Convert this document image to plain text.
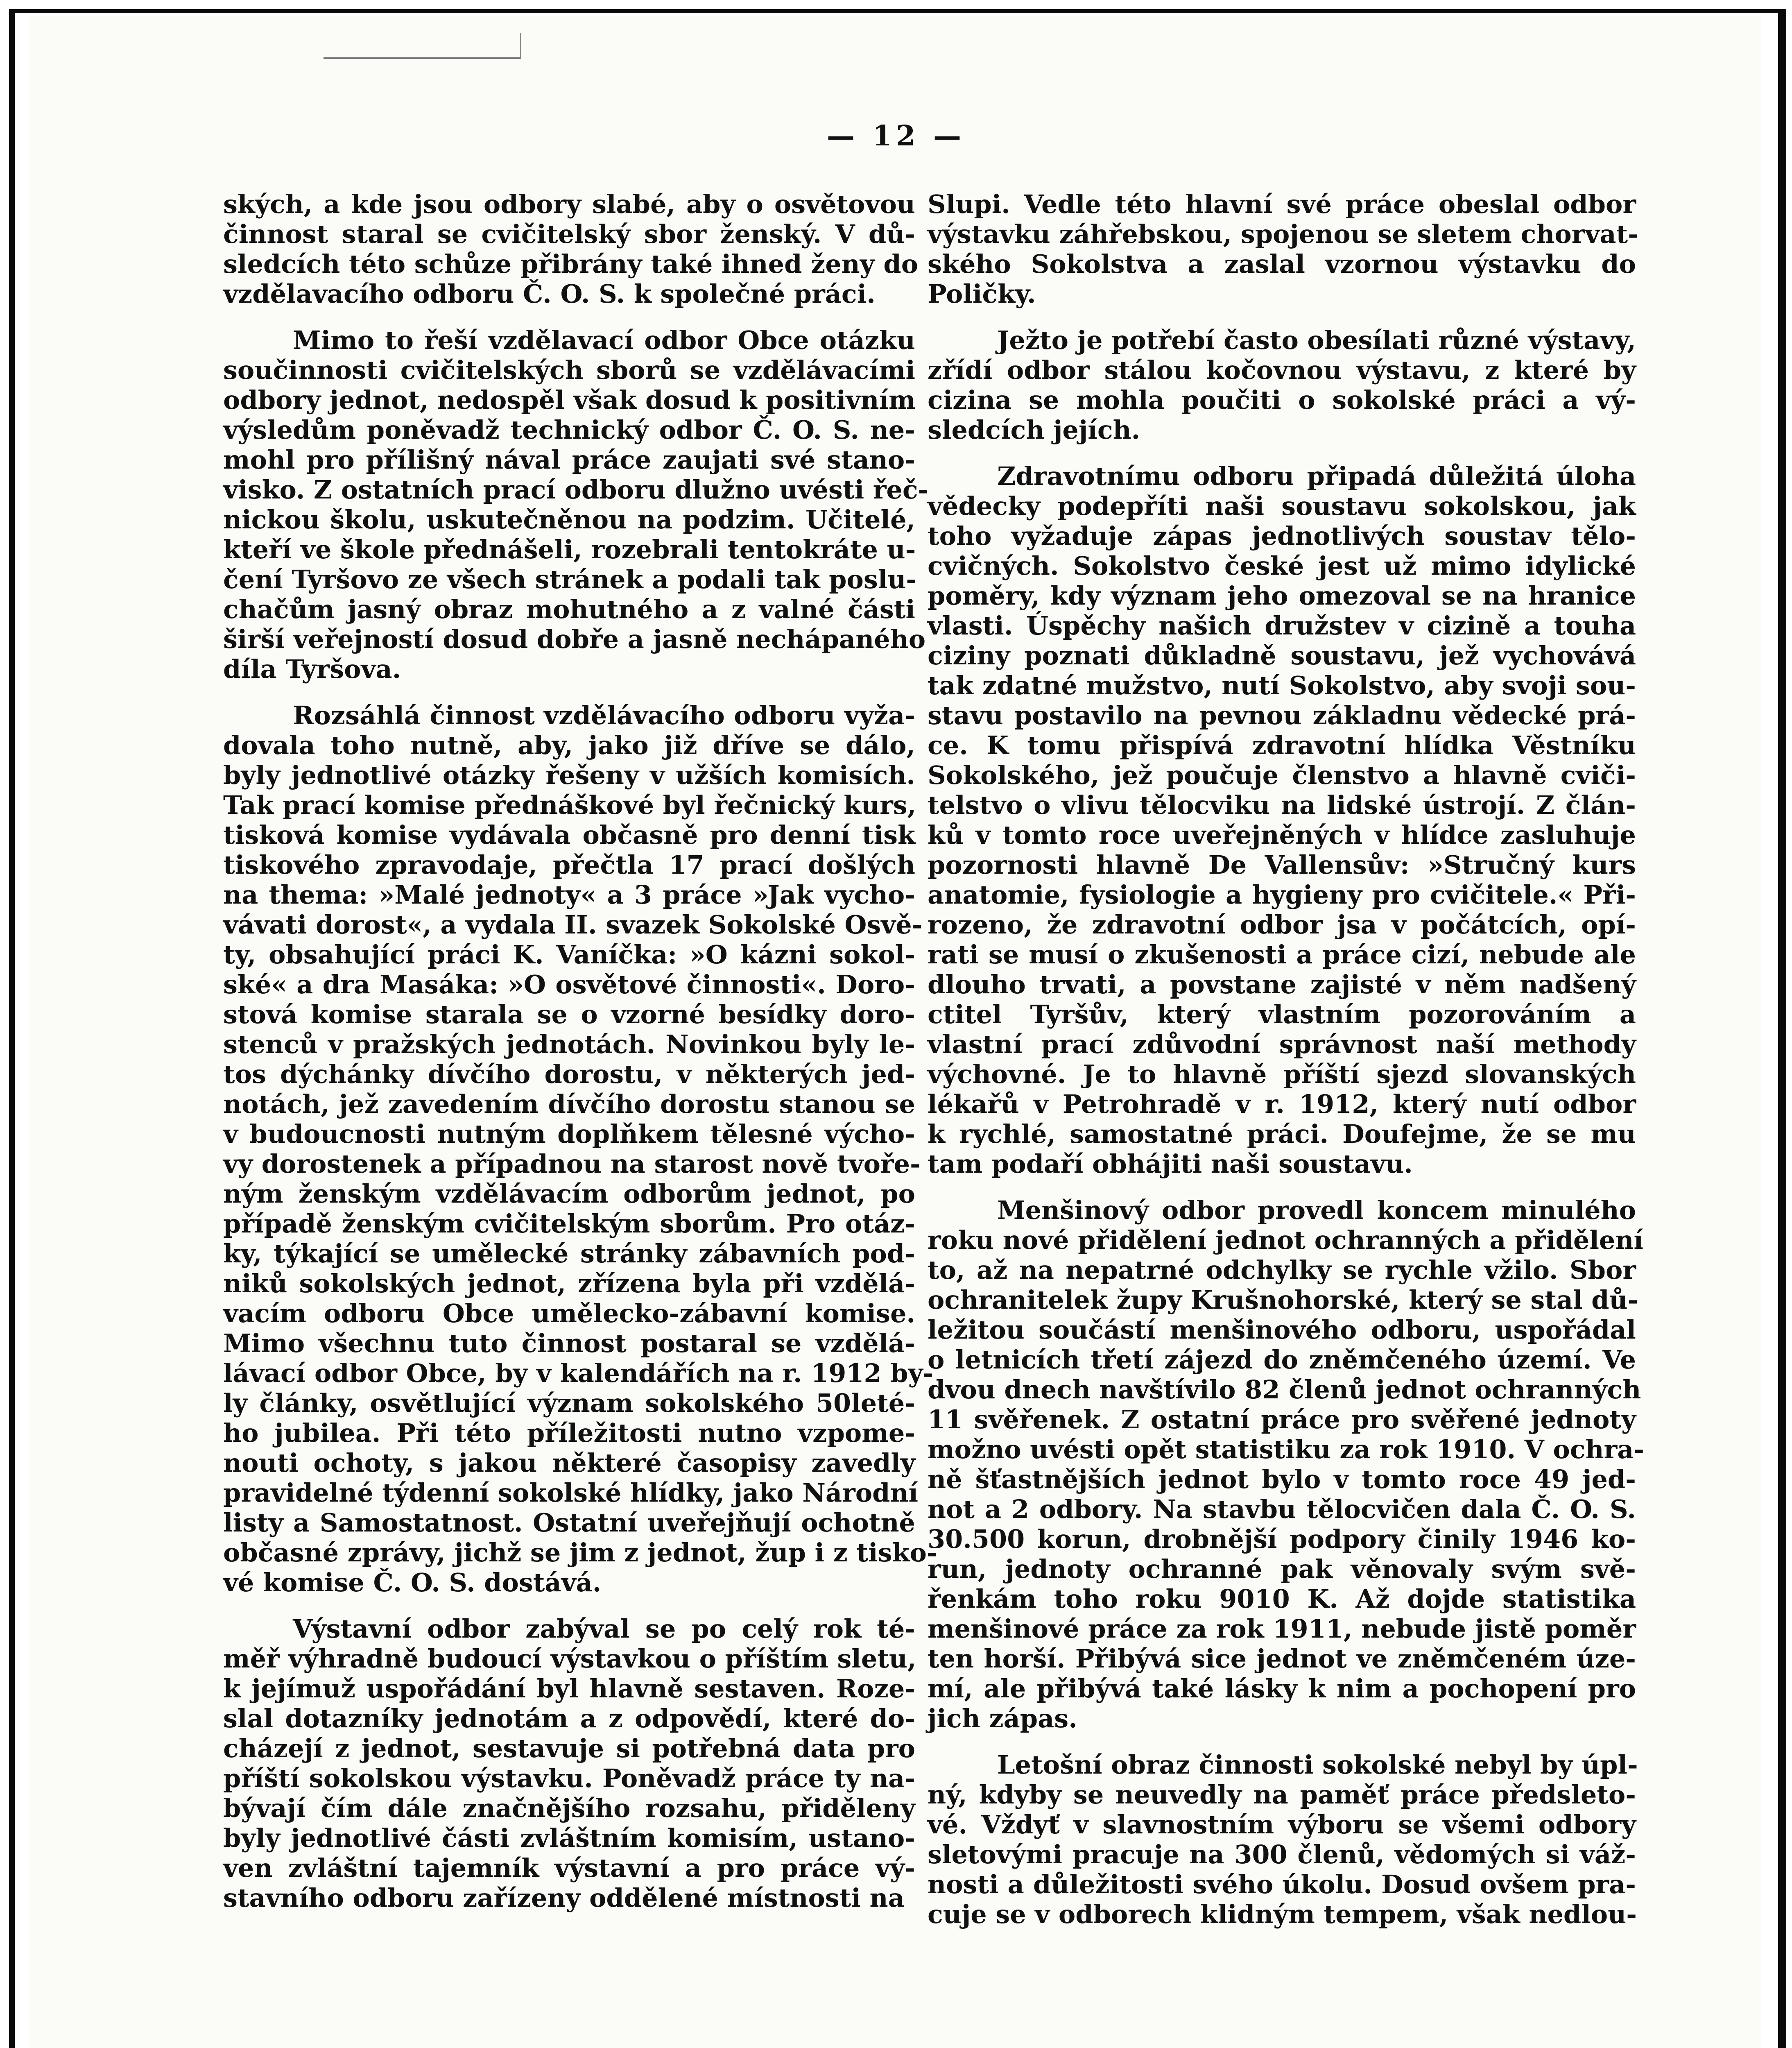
— 12 —
ských, a kde jsou odbory slabé, aby o osvětovou
činnost staral se cvičitelský sbor ženský. V dů-
sledcích této schůze přibrány také ihned ženy do
vzdělavacího odboru Č. O. S. k společné práci.
Mimo to řeší vzdělavací odbor Obce otázku
součinnosti cvičitelských sborů se vzdělávacími
odbory jednot, nedospěl však dosud k positivním
výsledům poněvadž technický odbor Č. O. S. ne-
mohl pro přílišný nával práce zaujati své stano-
visko. Z ostatních prací odboru dlužno uvésti řeč-
nickou školu, uskutečněnou na podzim. Učitelé,
kteří ve škole přednášeli, rozebrali tentokráte u-
čení Tyršovo ze všech stránek a podali tak poslu-
chačům jasný obraz mohutného a z valné části
širší veřejností dosud dobře a jasně nechápaného
díla Tyršova.
Rozsáhlá činnost vzdělávacího odboru vyža-
dovala toho nutně, aby, jako již dříve se dálo,
byly jednotlivé otázky řešeny v užších komisích.
Tak prací komise přednáškové byl řečnický kurs,
tisková komise vydávala občasně pro denní tisk
tiskového zpravodaje, přečtla 17 prací došlých
na thema: »Malé jednoty« a 3 práce »Jak vycho-
vávati dorost«, a vydala II. svazek Sokolské Osvě-
ty, obsahující práci K. Vaníčka: »O kázni sokol-
ské« a dra Masáka: »O osvětové činnosti«. Doro-
stová komise starala se o vzorné besídky doro-
stenců v pražských jednotách. Novinkou byly le-
tos dýchánky dívčího dorostu, v některých jed-
notách, jež zavedením dívčího dorostu stanou se
v budoucnosti nutným doplňkem tělesné výcho-
vy dorostenek a případnou na starost nově tvoře-
ným ženským vzdělávacím odborům jednot, po
případě ženským cvičitelským sborům. Pro otáz-
ky, týkající se umělecké stránky zábavních pod-
niků sokolských jednot, zřízena byla při vzdělá-
vacím odboru Obce umělecko-zábavní komise.
Mimo všechnu tuto činnost postaral se vzdělá-
lávací odbor Obce, by v kalendářích na r. 1912 by-
ly články, osvětlující význam sokolského 50leté-
ho jubilea. Při této příležitosti nutno vzpome-
nouti ochoty, s jakou některé časopisy zavedly
pravidelné týdenní sokolské hlídky, jako Národní
listy a Samostatnost. Ostatní uveřejňují ochotně
občasné zprávy, jichž se jim z jednot, žup i z tisko-
vé komise Č. O. S. dostává.
Výstavní odbor zabýval se po celý rok té-
měř výhradně budoucí výstavkou o příštím sletu,
k jejímuž uspořádání byl hlavně sestaven. Roze-
slal dotazníky jednotám a z odpovědí, které do-
cházejí z jednot, sestavuje si potřebná data pro
příští sokolskou výstavku. Poněvadž práce ty na-
bývají čím dále značnějšího rozsahu, přiděleny
byly jednotlivé části zvláštním komisím, ustano-
ven zvláštní tajemník výstavní a pro práce vý-
stavního odboru zařízeny oddělené místnosti na
Slupi. Vedle této hlavní své práce obeslal odbor
výstavku záhřebskou, spojenou se sletem chorvat-
ského Sokolstva a zaslal vzornou výstavku do
Poličky.
Ježto je potřebí často obesílati různé výstavy,
zřídí odbor stálou kočovnou výstavu, z které by
cizina se mohla poučiti o sokolské práci a vý-
sledcích jejích.
Zdravotnímu odboru připadá důležitá úloha
vědecky podepříti naši soustavu sokolskou, jak
toho vyžaduje zápas jednotlivých soustav tělo-
cvičných. Sokolstvo české jest už mimo idylické
poměry, kdy význam jeho omezoval se na hranice
vlasti. Úspěchy našich družstev v cizině a touha
ciziny poznati důkladně soustavu, jež vychovává
tak zdatné mužstvo, nutí Sokolstvo, aby svoji sou-
stavu postavilo na pevnou základnu vědecké prá-
ce. K tomu přispívá zdravotní hlídka Věstníku
Sokolského, jež poučuje členstvo a hlavně cviči-
telstvo o vlivu tělocviku na lidské ústrojí. Z člán-
ků v tomto roce uveřejněných v hlídce zasluhuje
pozornosti hlavně De Vallensův: »Stručný kurs
anatomie, fysiologie a hygieny pro cvičitele.« Při-
rozeno, že zdravotní odbor jsa v počátcích, opí-
rati se musí o zkušenosti a práce cizí, nebude ale
dlouho trvati, a povstane zajisté v něm nadšený
ctitel Tyršův, který vlastním pozorováním a
vlastní prací zdůvodní správnost naší methody
výchovné. Je to hlavně příští sjezd slovanských
lékařů v Petrohradě v r. 1912, který nutí odbor
k rychlé, samostatné práci. Doufejme, že se mu
tam podaří obhájiti naši soustavu.
Menšinový odbor provedl koncem minulého
roku nové přidělení jednot ochranných a přidělení
to, až na nepatrné odchylky se rychle vžilo. Sbor
ochranitelek župy Krušnohorské, který se stal dů-
ležitou součástí menšinového odboru, uspořádal
o letnicích třetí zájezd do zněmčeného území. Ve
dvou dnech navštívilo 82 členů jednot ochranných
11 svěřenek. Z ostatní práce pro svěřené jednoty
možno uvésti opět statistiku za rok 1910. V ochra-
ně šťastnějších jednot bylo v tomto roce 49 jed-
not a 2 odbory. Na stavbu tělocvičen dala Č. O. S.
30.500 korun, drobnější podpory činily 1946 ko-
run, jednoty ochranné pak věnovaly svým svě-
řenkám toho roku 9010 K. Až dojde statistika
menšinové práce za rok 1911, nebude jistě poměr
ten horší. Přibývá sice jednot ve zněmčeném úze-
mí, ale přibývá také lásky k nim a pochopení pro
jich zápas.
Letošní obraz činnosti sokolské nebyl by úpl-
ný, kdyby se neuvedly na paměť práce předsleto-
vé. Vždyť v slavnostním výboru se všemi odbory
sletovými pracuje na 300 členů, vědomých si váž-
nosti a důležitosti svého úkolu. Dosud ovšem pra-
cuje se v odborech klidným tempem, však nedlou-
